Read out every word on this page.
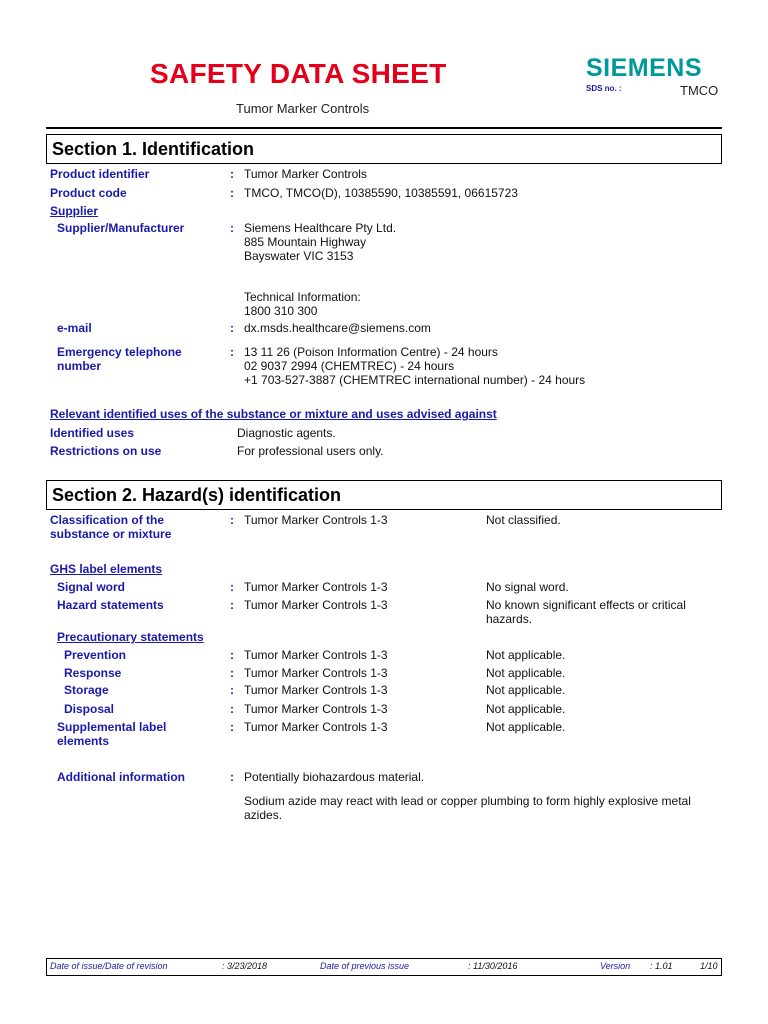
SAFETY DATA SHEET
Tumor Marker Controls
SIEMENS
SDS no. :	TMCO
Section 1. Identification
Product identifier	: Tumor Marker Controls
Product code	: TMCO, TMCO(D), 10385590, 10385591, 06615723
Supplier
Supplier/Manufacturer	: Siemens Healthcare Pty Ltd.
885 Mountain Highway
Bayswater VIC 3153
Technical Information:
1800 310 300
e-mail	: dx.msds.healthcare@siemens.com
Emergency telephone
number
: 13 11 26 (Poison Information Centre) - 24 hours
02 9037 2994 (CHEMTREC) - 24 hours
+1 703-527-3887 (CHEMTREC international number) - 24 hours
Relevant identified uses of the substance or mixture and uses advised against
Identified uses	Diagnostic agents.
Restrictions on use	For professional users only.
Section 2. Hazard(s) identification
Classification of the
substance or mixture
: Tumor Marker Controls 1-3	Not classified.
GHS label elements
Signal word	: Tumor Marker Controls 1-3	No signal word.
Hazard statements	: Tumor Marker Controls 1-3	No known significant effects or critical
hazards.
Precautionary statements
Prevention	: Tumor Marker Controls 1-3	Not applicable.
Response	: Tumor Marker Controls 1-3	Not applicable.
Storage	: Tumor Marker Controls 1-3	Not applicable.
Disposal	: Tumor Marker Controls 1-3	Not applicable.
Supplemental label
elements
: Tumor Marker Controls 1-3	Not applicable.
Additional information	: Potentially biohazardous material.
Sodium azide may react with lead or copper plumbing to form highly explosive metal
azides.
Date of issue/Date of revision	: 3/23/2018	Date of previous issue	: 11/30/2016	Version : 1.01	1/10
